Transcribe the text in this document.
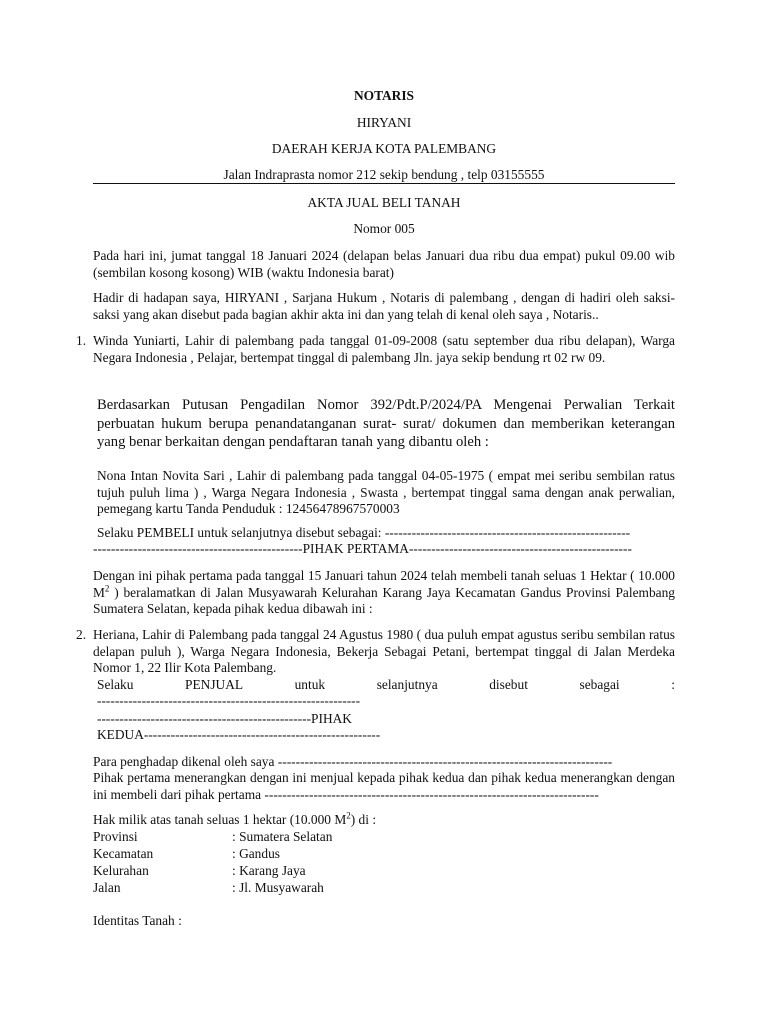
NOTARIS
HIRYANI
DAERAH KERJA KOTA PALEMBANG
Jalan Indraprasta nomor 212 sekip bendung , telp 03155555
AKTA JUAL BELI TANAH
Nomor 005

Pada hari ini, jumat tanggal 18 Januari 2024 (delapan belas Januari dua ribu dua empat) pukul 09.00 wib (sembilan kosong kosong) WIB (waktu Indonesia barat)

Hadir di hadapan saya, HIRYANI , Sarjana Hukum , Notaris di palembang , dengan di hadiri oleh saksi-saksi yang akan disebut pada bagian akhir akta ini dan yang telah di kenal oleh saya , Notaris..

1. Winda Yuniarti, Lahir di palembang pada tanggal 01-09-2008 (satu september dua ribu delapan), Warga Negara Indonesia , Pelajar, bertempat tinggal di palembang Jln. jaya sekip bendung rt 02 rw 09.

Berdasarkan Putusan Pengadilan Nomor 392/Pdt.P/2024/PA Mengenai Perwalian Terkait perbuatan hukum berupa penandatanganan surat- surat/ dokumen dan memberikan keterangan yang benar berkaitan dengan pendaftaran tanah yang dibantu oleh :

Nona Intan Novita Sari , Lahir di palembang pada tanggal 04-05-1975 ( empat mei seribu sembilan ratus tujuh puluh lima ) , Warga Negara Indonesia , Swasta , bertempat tinggal sama dengan anak perwalian, pemegang kartu Tanda Penduduk : 12456478967570003

Selaku PEMBELI untuk selanjutnya disebut sebagai: -------------------------------------------------------
-----------------------------------------------PIHAK PERTAMA--------------------------------------------------

Dengan ini pihak pertama pada tanggal 15 Januari tahun 2024 telah membeli tanah seluas 1 Hektar ( 10.000 $M^2$ ) beralamatkan di Jalan Musyawarah Kelurahan Karang Jaya Kecamatan Gandus Provinsi Palembang Sumatera Selatan, kepada pihak kedua dibawah ini :

2. Heriana, Lahir di Palembang pada tanggal 24 Agustus 1980 ( dua puluh empat agustus seribu sembilan ratus delapan puluh ), Warga Negara Indonesia, Bekerja Sebagai Petani, bertempat tinggal di Jalan Merdeka Nomor 1, 22 Ilir Kota Palembang.

Selaku	PENJUAL	untuk	selanjutnya	disebut	sebagai	:
-----------------------------------------------------------
------------------------------------------------PIHAK
KEDUA-----------------------------------------------------
Para penghadap dikenal oleh saya ---------------------------------------------------------------------------

Pihak pertama menerangkan dengan ini menjual kepada pihak kedua dan pihak kedua menerangkan dengan ini membeli dari pihak pertama ---------------------------------------------------------------------------

Hak milik atas tanah seluas 1 hektar (10.000 $M^2$) di :
Provinsi	: Sumatera Selatan
Kecamatan	: Gandus
Kelurahan	: Karang Jaya
Jalan	: Jl. Musyawarah
Identitas Tanah :
